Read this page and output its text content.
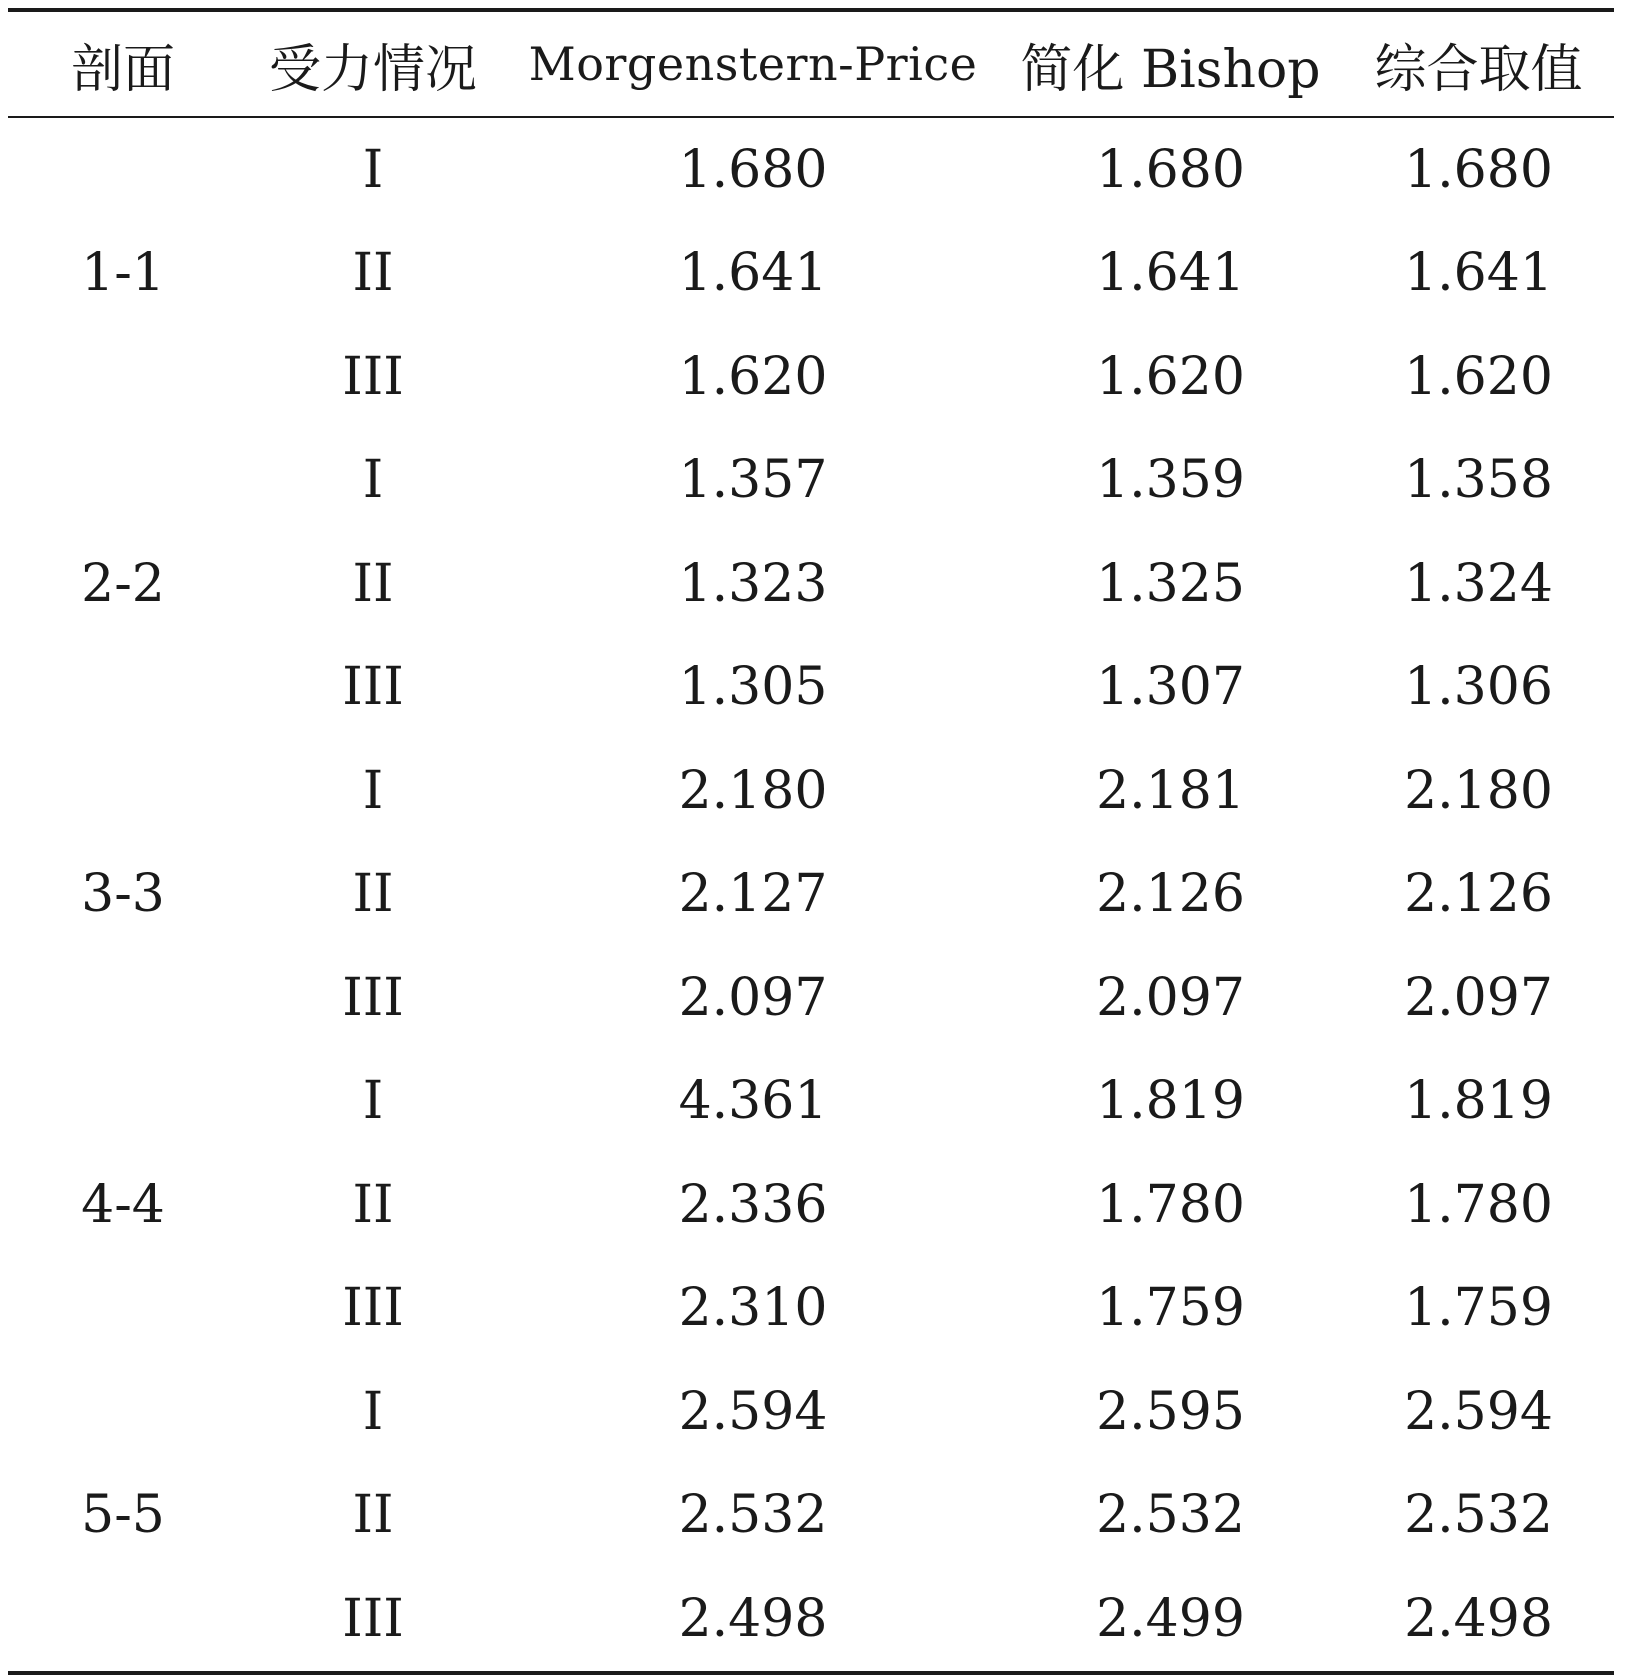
剖面	受力情况	Morgenstern-Price	简化 Bishop	综合取值
1-1	I	1.680	1.680	1.680
	II	1.641	1.641	1.641
	III	1.620	1.620	1.620
2-2	I	1.357	1.359	1.358
	II	1.323	1.325	1.324
	III	1.305	1.307	1.306
3-3	I	2.180	2.181	2.180
	II	2.127	2.126	2.126
	III	2.097	2.097	2.097
4-4	I	4.361	1.819	1.819
	II	2.336	1.780	1.780
	III	2.310	1.759	1.759
5-5	I	2.594	2.595	2.594
	II	2.532	2.532	2.532
	III	2.498	2.499	2.498
